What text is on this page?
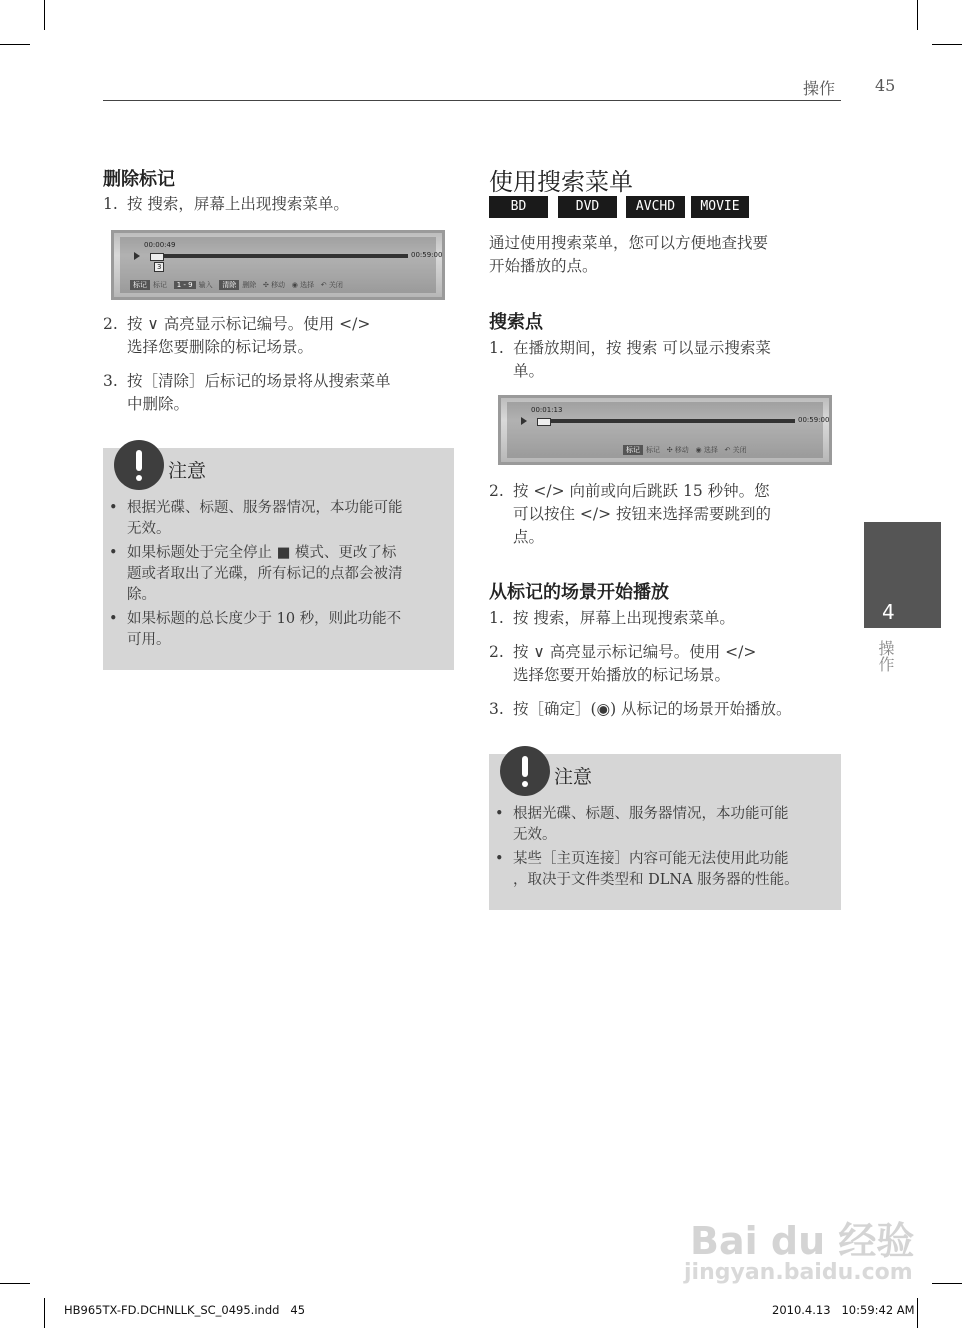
操作 45
删除标记
1. 按 搜索，屏幕上出现搜索菜单。
00:00:49
3
00:59:00
标记 标记 1 - 9 输入 清除 删除 ✣ 移动 ◉ 选择 ↶ 关闭
2. 按 ∨ 高亮显示标记编号。使用 </>
选择您要删除的标记场景。
3. 按［清除］后标记的场景将从搜索菜单
中删除。
注意
• 根据光碟、标题、服务器情况，本功能可能
无效。
• 如果标题处于完全停止 ■ 模式、更改了标
题或者取出了光碟，所有标记的点都会被清
除。
• 如果标题的总长度少于 10 秒，则此功能不
可用。
使用搜索菜单
BD	DVD	AVCHD	MOVIE
通过使用搜索菜单，您可以方便地查找要
开始播放的点。
搜索点
1. 在播放期间，按 搜索 可以显示搜索菜
单。
00:01:13
00:59:00
标记 标记 ✣ 移动 ◉ 选择 ↶ 关闭
2. 按 </> 向前或向后跳跃 15 秒钟。您
可以按住 </> 按钮来选择需要跳到的
点。
从标记的场景开始播放
1. 按 搜索，屏幕上出现搜索菜单。
2. 按 ∨ 高亮显示标记编号。使用 </>
选择您要开始播放的标记场景。
3. 按［确定］(◉) 从标记的场景开始播放。
注意
• 根据光碟、标题、服务器情况，本功能可能
无效。
• 某些［主页连接］内容可能无法使用此功能
，取决于文件类型和 DLNA 服务器的性能。
4
操作
Bai du 经验
jingyan.baidu.com
HB965TX-FD.DCHNLLK_SC_0495.indd   45	2010.4.13   10:59:42 AM
